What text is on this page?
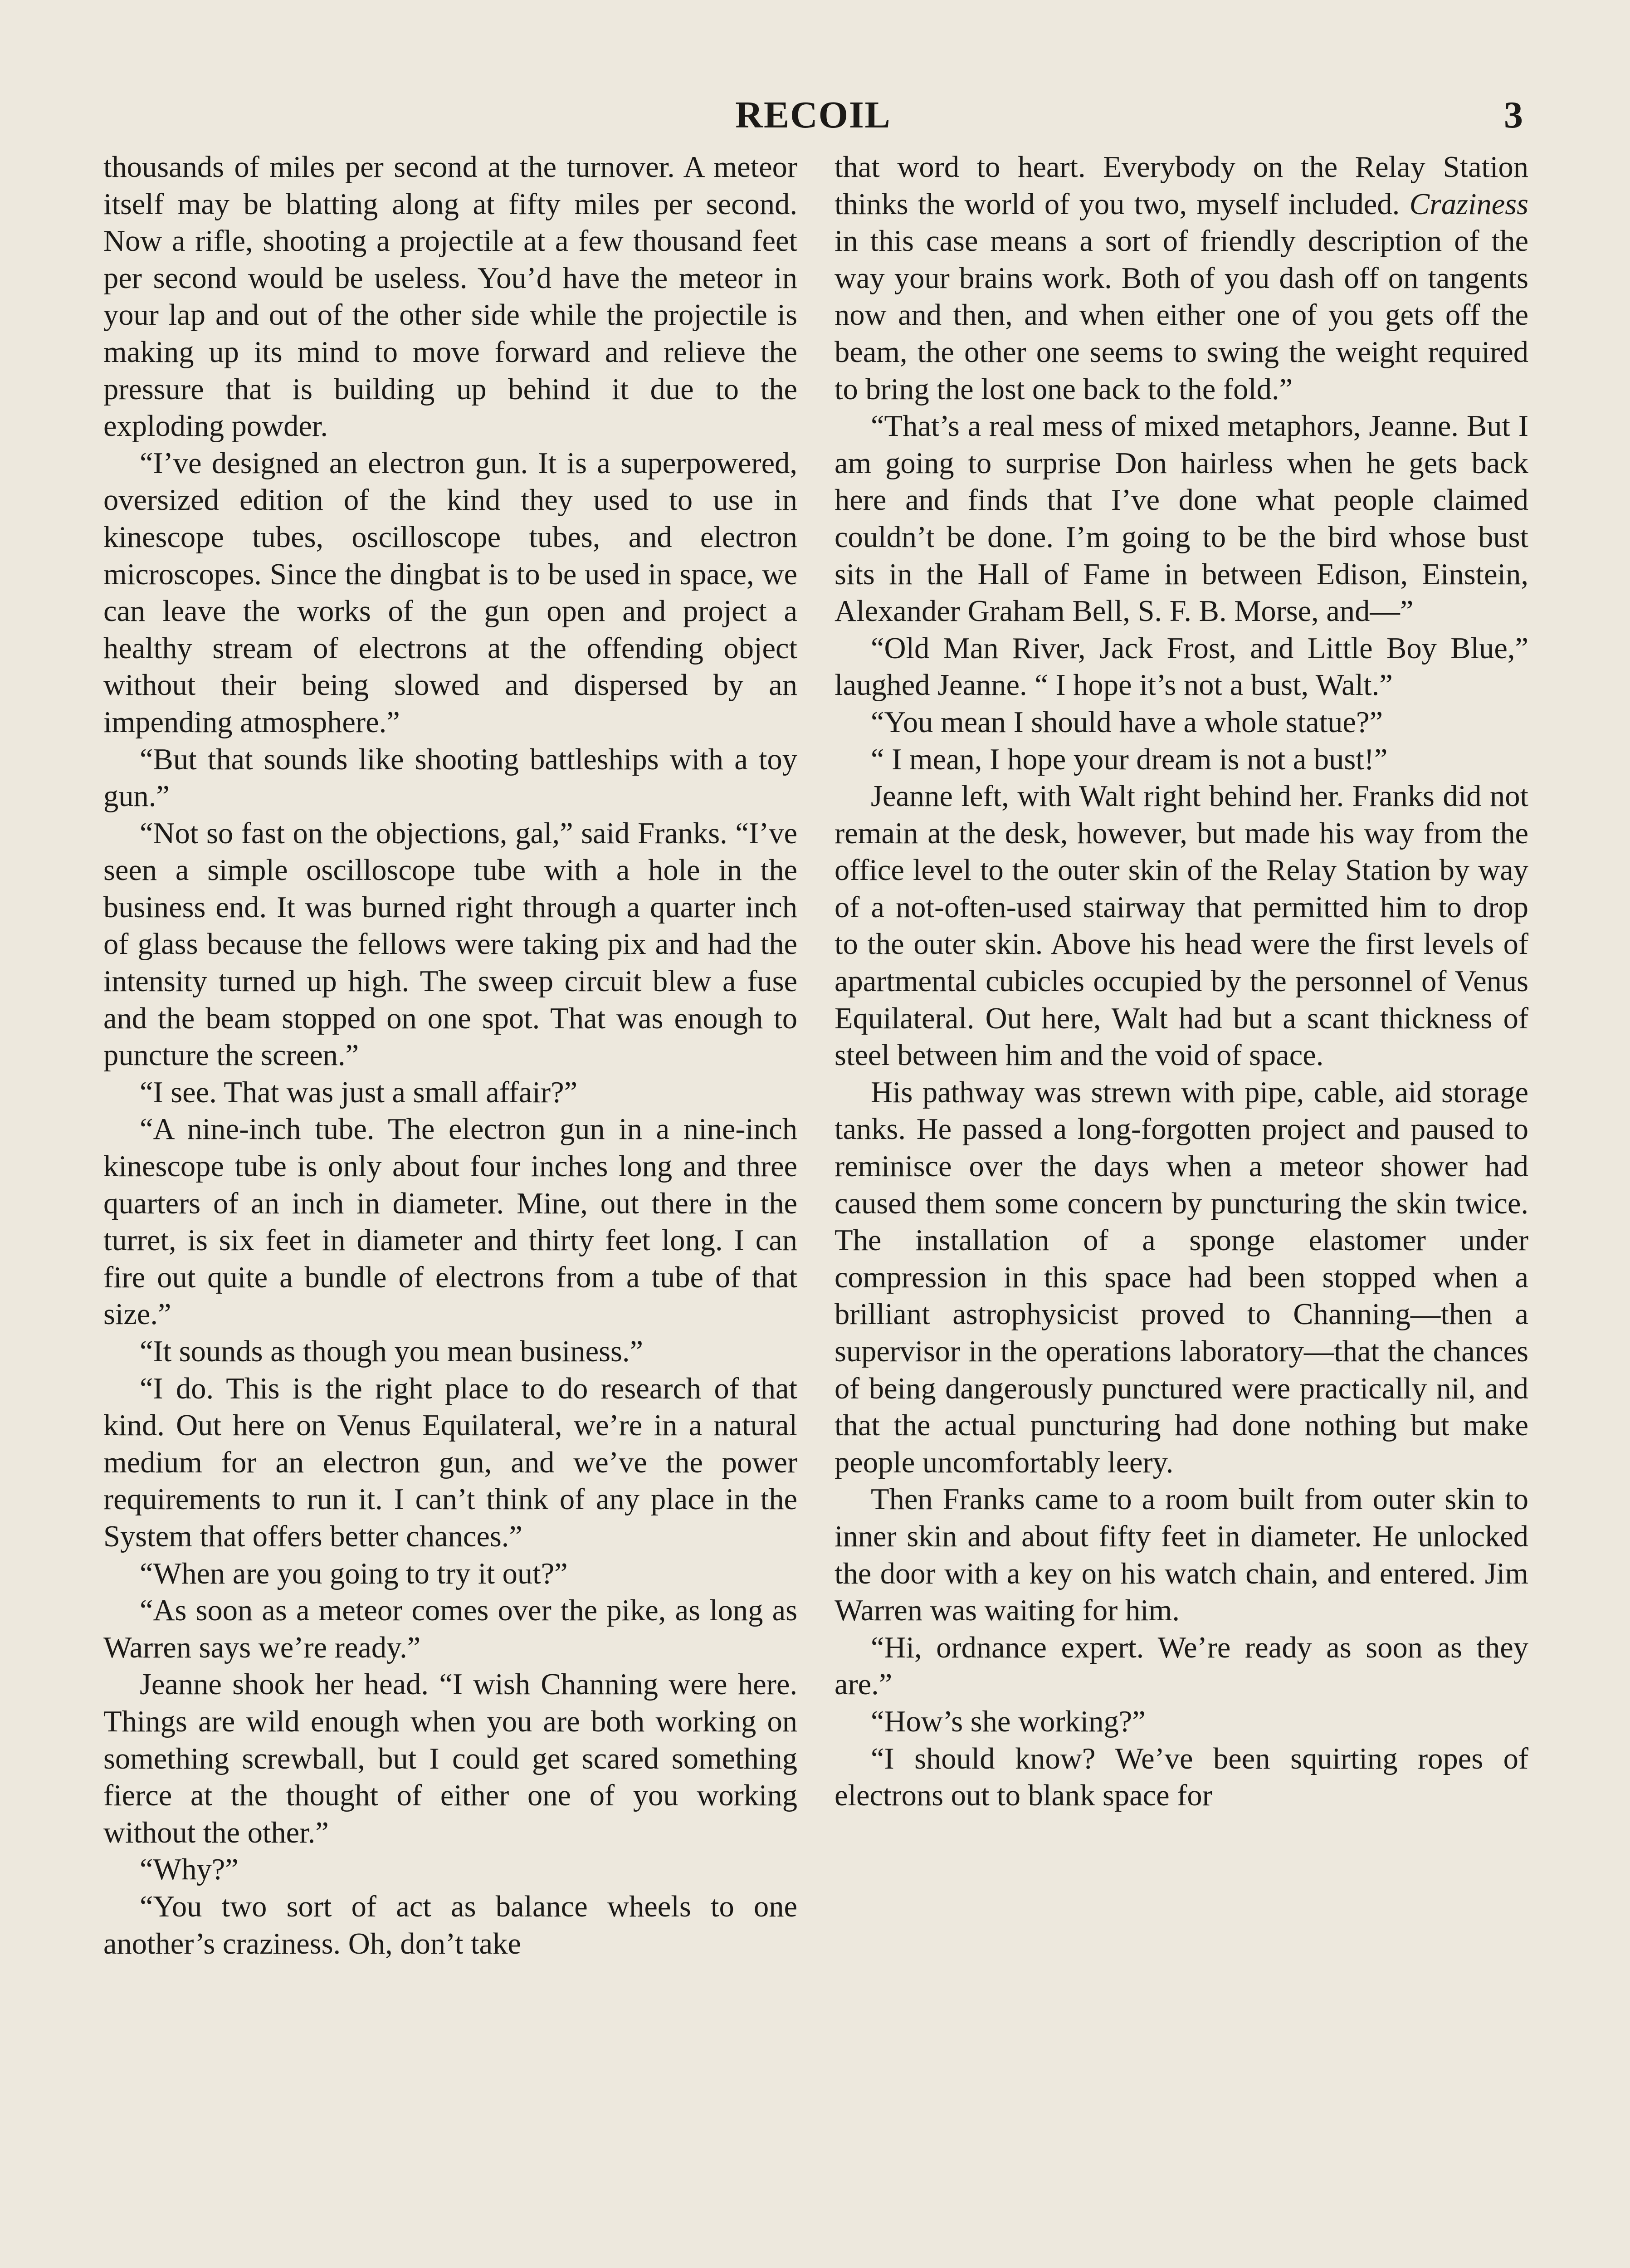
RECOIL	3

thousands of miles per second at the turnover. A meteor itself may be blatting along at fifty miles per second. Now a rifle, shooting a projectile at a few thousand feet per second would be useless. You’d have the meteor in your lap and out of the other side while the projectile is making up its mind to move forward and relieve the pressure that is building up behind it due to the exploding powder.

“I’ve designed an electron gun. It is a superpowered, oversized edition of the kind they used to use in kinescope tubes, oscilloscope tubes, and electron microscopes. Since the dingbat is to be used in space, we can leave the works of the gun open and project a healthy stream of electrons at the offending object without their being slowed and dispersed by an impending atmosphere.”

“But that sounds like shooting battleships with a toy gun.”

“Not so fast on the objections, gal,” said Franks. “I’ve seen a simple oscilloscope tube with a hole in the business end. It was burned right through a quarter inch of glass because the fellows were taking pix and had the intensity turned up high. The sweep circuit blew a fuse and the beam stopped on one spot. That was enough to puncture the screen.”

“I see. That was just a small affair?”

“A nine-inch tube. The electron gun in a nine-inch kinescope tube is only about four inches long and three quarters of an inch in diameter. Mine, out there in the turret, is six feet in diameter and thirty feet long. I can fire out quite a bundle of electrons from a tube of that size.”

“It sounds as though you mean business.”

“I do. This is the right place to do research of that kind. Out here on Venus Equilateral, we’re in a natural medium for an electron gun, and we’ve the power requirements to run it. I can’t think of any place in the System that offers better chances.”

“When are you going to try it out?”

“As soon as a meteor comes over the pike, as long as Warren says we’re ready.”

Jeanne shook her head. “I wish Channing were here. Things are wild enough when you are both working on something screwball, but I could get scared something fierce at the thought of either one of you working without the other.”

“Why?”

“You two sort of act as balance wheels to one another’s craziness. Oh, don’t take

that word to heart. Everybody on the Relay Station thinks the world of you two, myself included. Craziness in this case means a sort of friendly description of the way your brains work. Both of you dash off on tangents now and then, and when either one of you gets off the beam, the other one seems to swing the weight required to bring the lost one back to the fold.”

“That’s a real mess of mixed metaphors, Jeanne. But I am going to surprise Don hairless when he gets back here and finds that I’ve done what people claimed couldn’t be done. I’m going to be the bird whose bust sits in the Hall of Fame in between Edison, Einstein, Alexander Graham Bell, S. F. B. Morse, and—”

“Old Man River, Jack Frost, and Little Boy Blue,” laughed Jeanne. “ I hope it’s not a bust, Walt.”

“You mean I should have a whole statue?”

“ I mean, I hope your dream is not a bust!”

Jeanne left, with Walt right behind her. Franks did not remain at the desk, however, but made his way from the office level to the outer skin of the Relay Station by way of a not-often-used stairway that permitted him to drop to the outer skin. Above his head were the first levels of apartmental cubicles occupied by the personnel of Venus Equilateral. Out here, Walt had but a scant thickness of steel between him and the void of space.

His pathway was strewn with pipe, cable, aid storage tanks. He passed a long-forgotten project and paused to reminisce over the days when a meteor shower had caused them some concern by puncturing the skin twice. The installation of a sponge elastomer under compression in this space had been stopped when a brilliant astrophysicist proved to Channing—then a supervisor in the operations laboratory—that the chances of being dangerously punctured were practically nil, and that the actual puncturing had done nothing but make people uncomfortably leery.

Then Franks came to a room built from outer skin to inner skin and about fifty feet in diameter. He unlocked the door with a key on his watch chain, and entered. Jim Warren was waiting for him.

“Hi, ordnance expert. We’re ready as soon as they are.”

“How’s she working?”

“I should know? We’ve been squirting ropes of electrons out to blank space for
